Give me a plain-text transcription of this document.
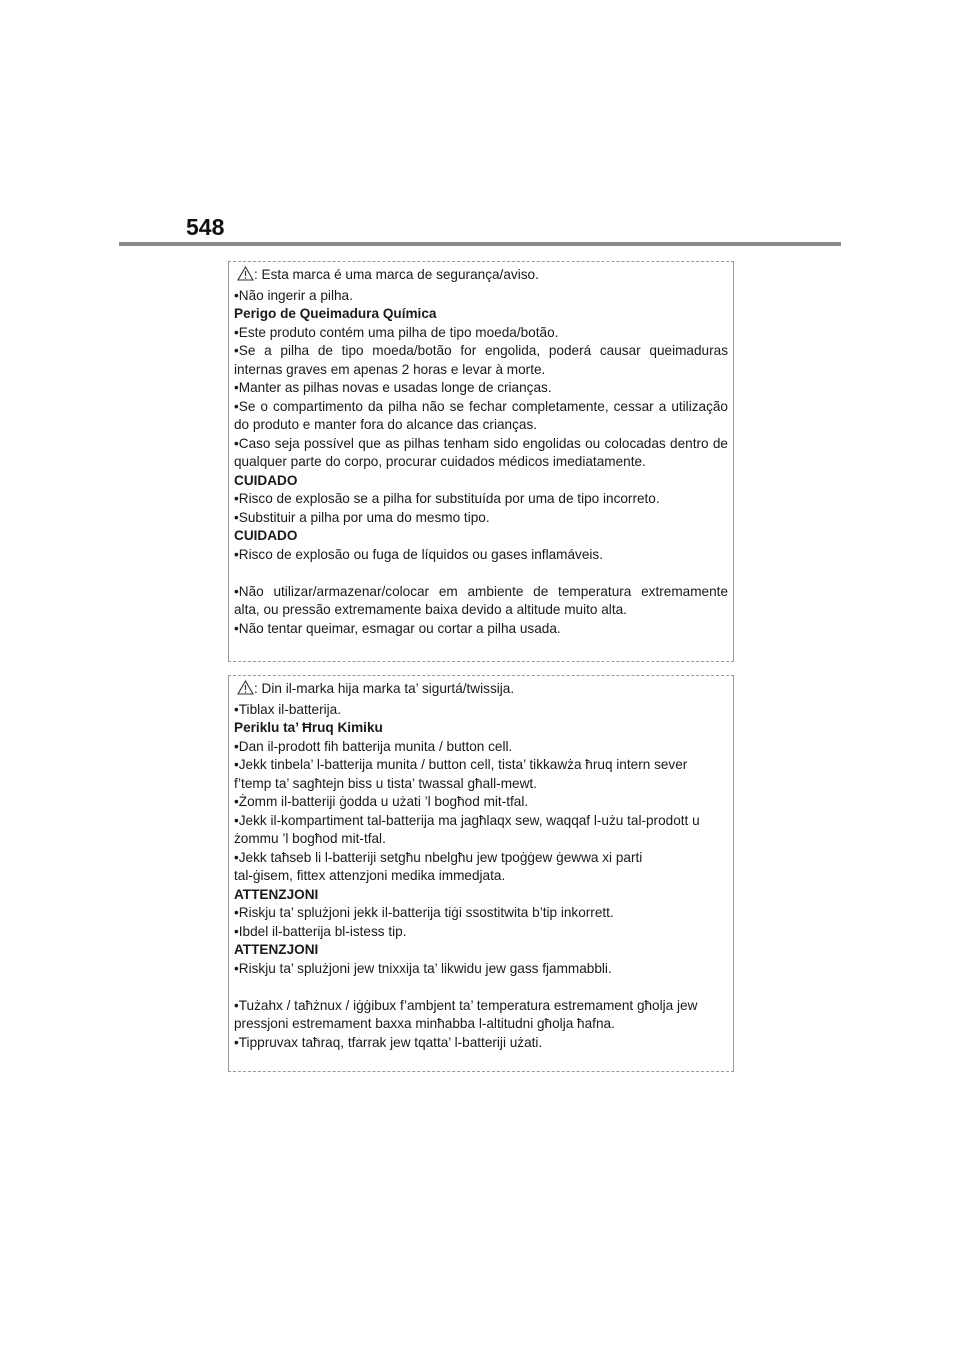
548
: Esta marca é uma marca de segurança/aviso.
•Não ingerir a pilha.
Perigo de Queimadura Química
•Este produto contém uma pilha de tipo moeda/botão.
•Se a pilha de tipo moeda/botão for engolida, poderá causar queimaduras
internas graves em apenas 2 horas e levar à morte.
•Manter as pilhas novas e usadas longe de crianças.
•Se o compartimento da pilha não se fechar completamente, cessar a utilização
do produto e manter fora do alcance das crianças.
•Caso seja possível que as pilhas tenham sido engolidas ou colocadas dentro de
qualquer parte do corpo, procurar cuidados médicos imediatamente.
CUIDADO
•Risco de explosão se a pilha for substituída por uma de tipo incorreto.
•Substituir a pilha por uma do mesmo tipo.
CUIDADO
•Risco de explosão ou fuga de líquidos ou gases inflamáveis.
•Não utilizar/armazenar/colocar em ambiente de temperatura extremamente
alta, ou pressão extremamente baixa devido a altitude muito alta.
•Não tentar queimar, esmagar ou cortar a pilha usada.
: Din il-marka hija marka ta’ sigurtá/twissija.
•Tiblax il-batterija.
Periklu ta’ Ħruq Kimiku
•Dan il-prodott fih batterija munita / button cell.
•Jekk tinbela’ l-batterija munita / button cell, tista’ tikkawża ħruq intern sever
f’temp ta’ sagħtejn biss u tista’ twassal għall-mewt.
•Żomm il-batteriji ġodda u użati ’l bogħod mit-tfal.
•Jekk il-kompartiment tal-batterija ma jagħlaqx sew, waqqaf l-użu tal-prodott u
żommu ’l bogħod mit-tfal.
•Jekk taħseb li l-batteriji setgħu nbelgħu jew tpoġġew ġewwa xi parti
tal-ġisem, fittex attenzjoni medika immedjata.
ATTENZJONI
•Riskju ta’ splużjoni jekk il-batterija tiġi ssostitwita b’tip inkorrett.
•Ibdel il-batterija bl-istess tip.
ATTENZJONI
•Riskju ta’ splużjoni jew tnixxija ta’ likwidu jew gass fjammabbli.
•Tużahx / taħżnux / iġġibux f’ambjent ta’ temperatura estremament għolja jew
pressjoni estremament baxxa minħabba l-altitudni għolja ħafna.
•Tippruvax taħraq, tfarrak jew tqatta’ l-batteriji użati.
